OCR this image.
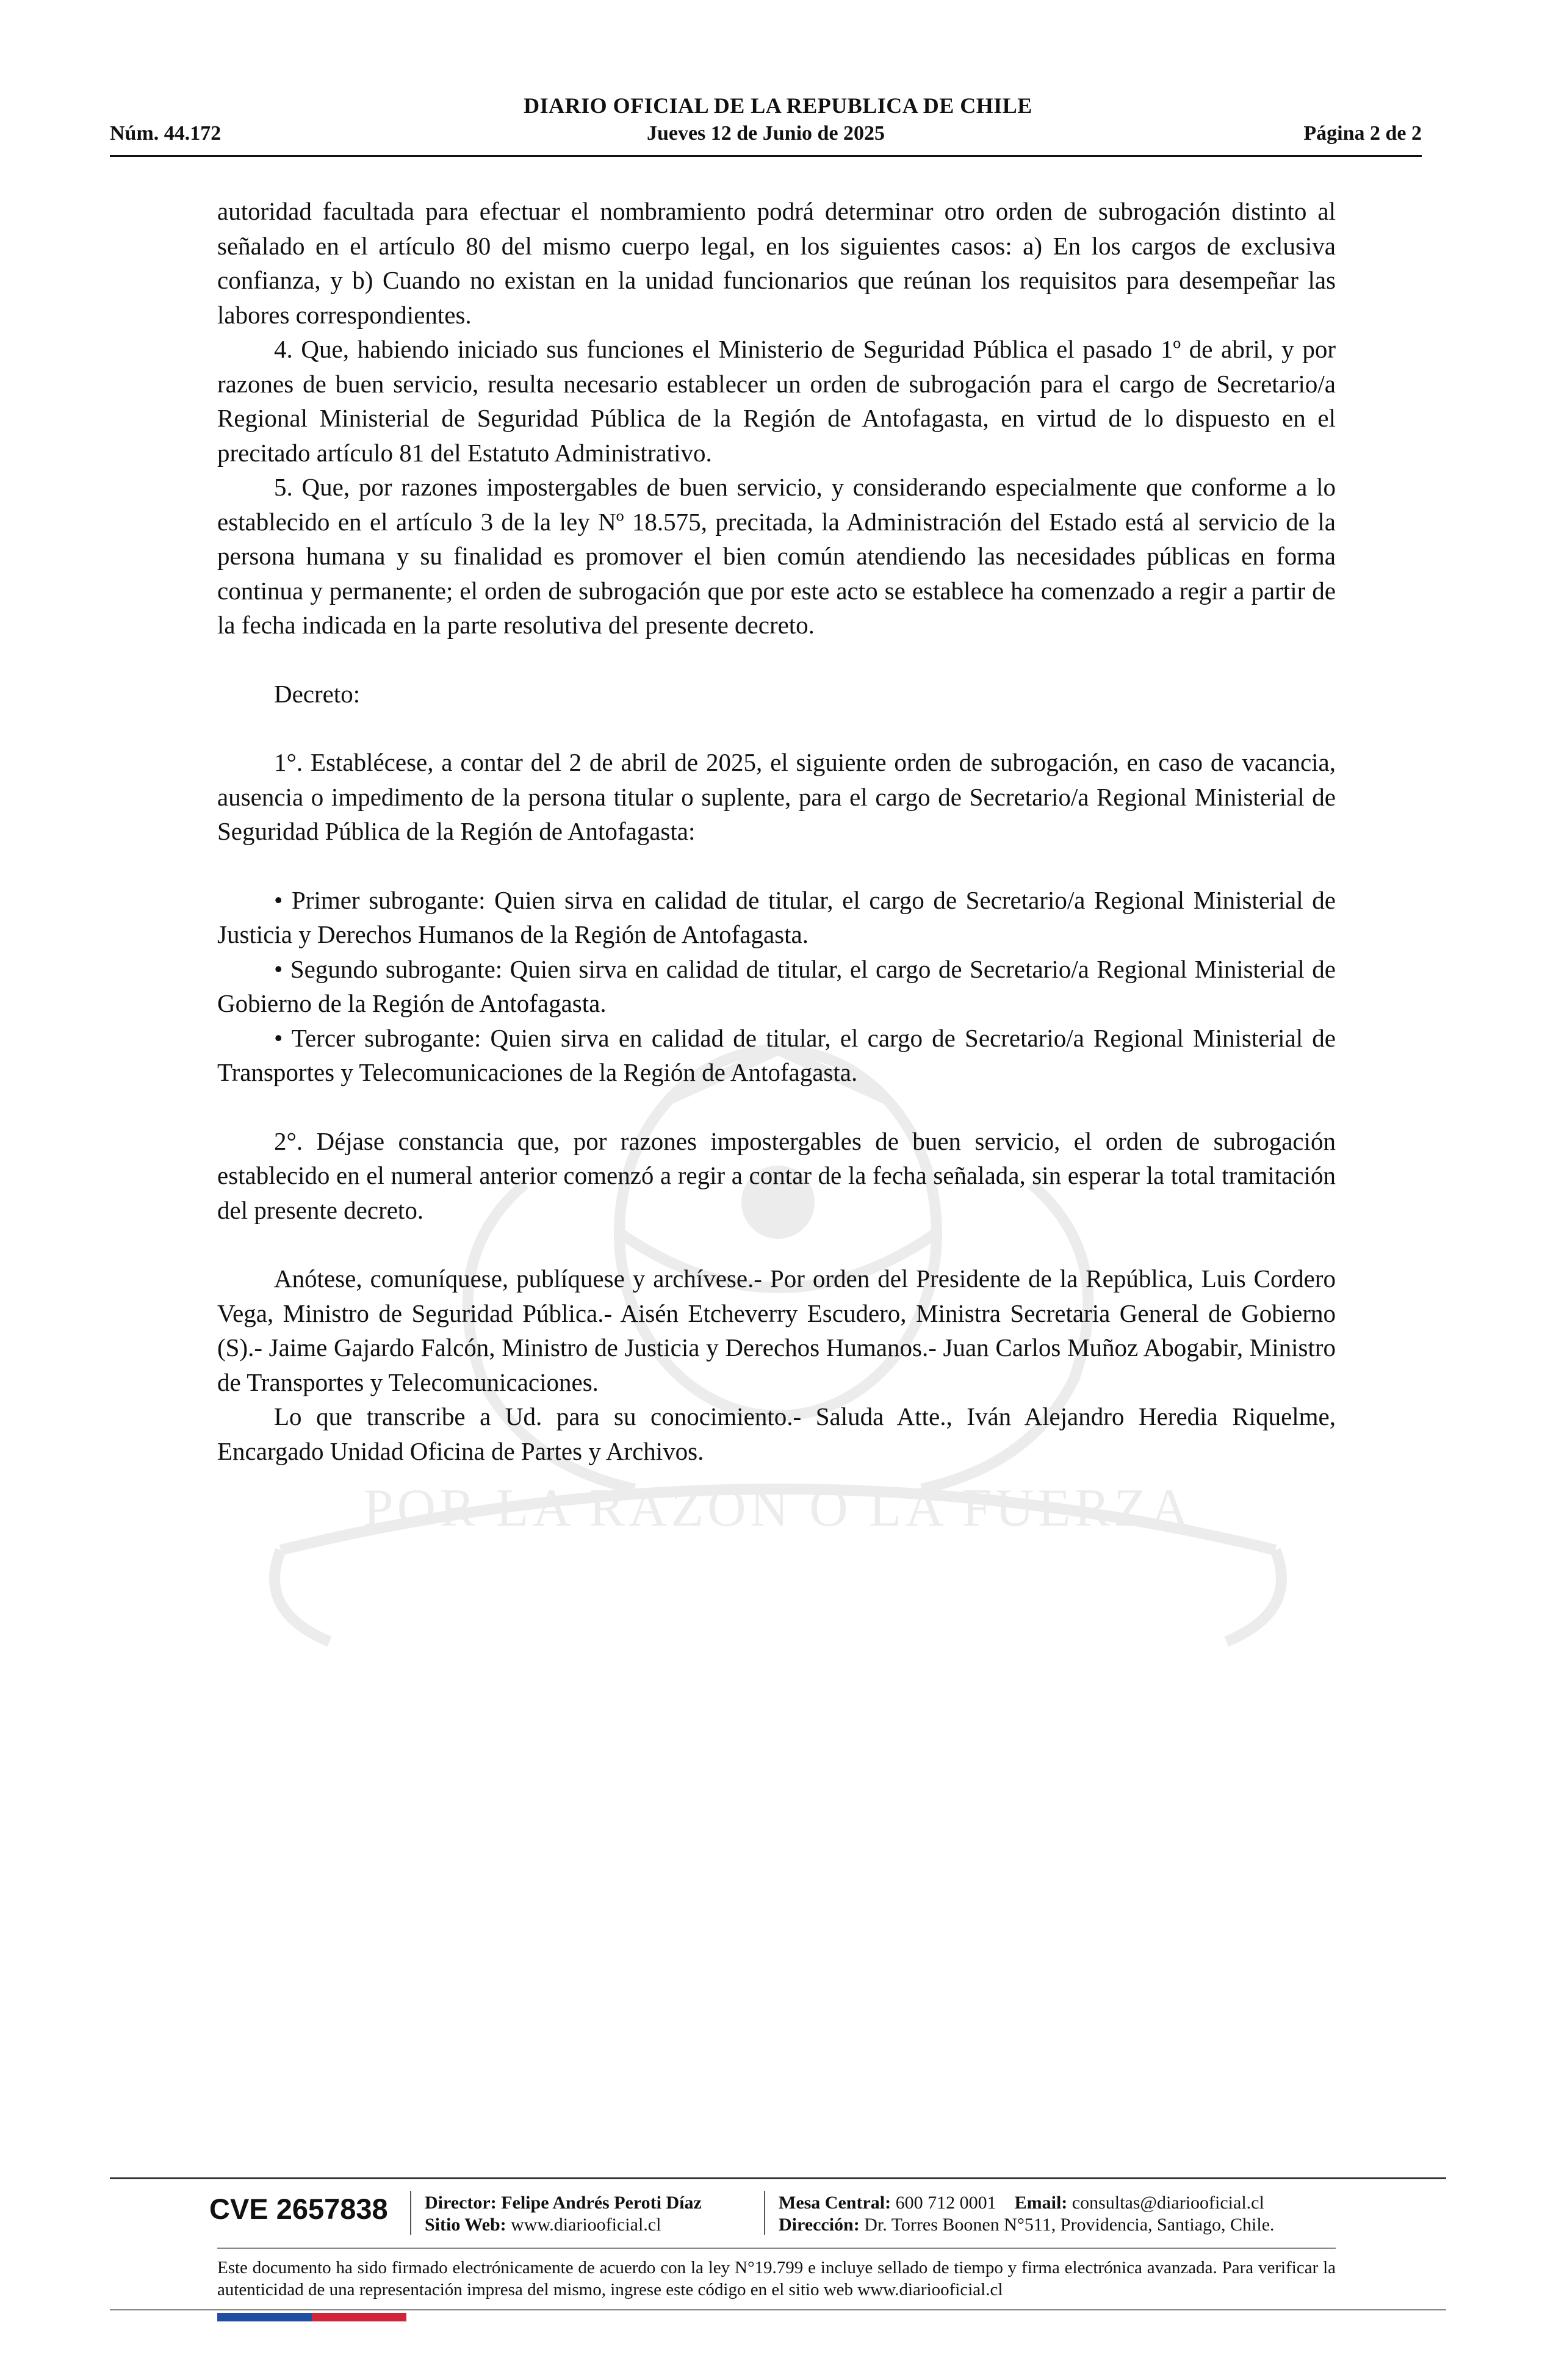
DIARIO OFICIAL DE LA REPUBLICA DE CHILE
Núm. 44.172	Jueves 12 de Junio de 2025	Página 2 de 2
POR LA RAZON O LA FUERZA

autoridad facultada para efectuar el nombramiento podrá determinar otro orden de subrogación distinto al señalado en el artículo 80 del mismo cuerpo legal, en los siguientes casos: a) En los cargos de exclusiva confianza, y b) Cuando no existan en la unidad funcionarios que reúnan los requisitos para desempeñar las labores correspondientes.

4. Que, habiendo iniciado sus funciones el Ministerio de Seguridad Pública el pasado 1º de abril, y por razones de buen servicio, resulta necesario establecer un orden de subrogación para el cargo de Secretario/a Regional Ministerial de Seguridad Pública de la Región de Antofagasta, en virtud de lo dispuesto en el precitado artículo 81 del Estatuto Administrativo.

5. Que, por razones impostergables de buen servicio, y considerando especialmente que conforme a lo establecido en el artículo 3 de la ley Nº 18.575, precitada, la Administración del Estado está al servicio de la persona humana y su finalidad es promover el bien común atendiendo las necesidades públicas en forma continua y permanente; el orden de subrogación que por este acto se establece ha comenzado a regir a partir de la fecha indicada en la parte resolutiva del presente decreto.

Decreto:

1°. Establécese, a contar del 2 de abril de 2025, el siguiente orden de subrogación, en caso de vacancia, ausencia o impedimento de la persona titular o suplente, para el cargo de Secretario/a Regional Ministerial de Seguridad Pública de la Región de Antofagasta:

• Primer subrogante: Quien sirva en calidad de titular, el cargo de Secretario/a Regional Ministerial de Justicia y Derechos Humanos de la Región de Antofagasta.

• Segundo subrogante: Quien sirva en calidad de titular, el cargo de Secretario/a Regional Ministerial de Gobierno de la Región de Antofagasta.

• Tercer subrogante: Quien sirva en calidad de titular, el cargo de Secretario/a Regional Ministerial de Transportes y Telecomunicaciones de la Región de Antofagasta.

2°. Déjase constancia que, por razones impostergables de buen servicio, el orden de subrogación establecido en el numeral anterior comenzó a regir a contar de la fecha señalada, sin esperar la total tramitación del presente decreto.

Anótese, comuníquese, publíquese y archívese.- Por orden del Presidente de la República, Luis Cordero Vega, Ministro de Seguridad Pública.- Aisén Etcheverry Escudero, Ministra Secretaria General de Gobierno (S).- Jaime Gajardo Falcón, Ministro de Justicia y Derechos Humanos.- Juan Carlos Muñoz Abogabir, Ministro de Transportes y Telecomunicaciones.

Lo que transcribe a Ud. para su conocimiento.- Saluda Atte., Iván Alejandro Heredia Riquelme, Encargado Unidad Oficina de Partes y Archivos.

CVE 2657838 Director: Felipe Andrés Peroti Díaz
Sitio Web: www.diariooficial.cl
Mesa Central: 600 712 0001 Email: consultas@diariooficial.cl
Dirección: Dr. Torres Boonen N°511, Providencia, Santiago, Chile.
Este documento ha sido firmado electrónicamente de acuerdo con la ley N°19.799 e incluye sellado de tiempo y firma electrónica avanzada. Para verificar la autenticidad de una representación impresa del mismo, ingrese este código en el sitio web www.diariooficial.cl
